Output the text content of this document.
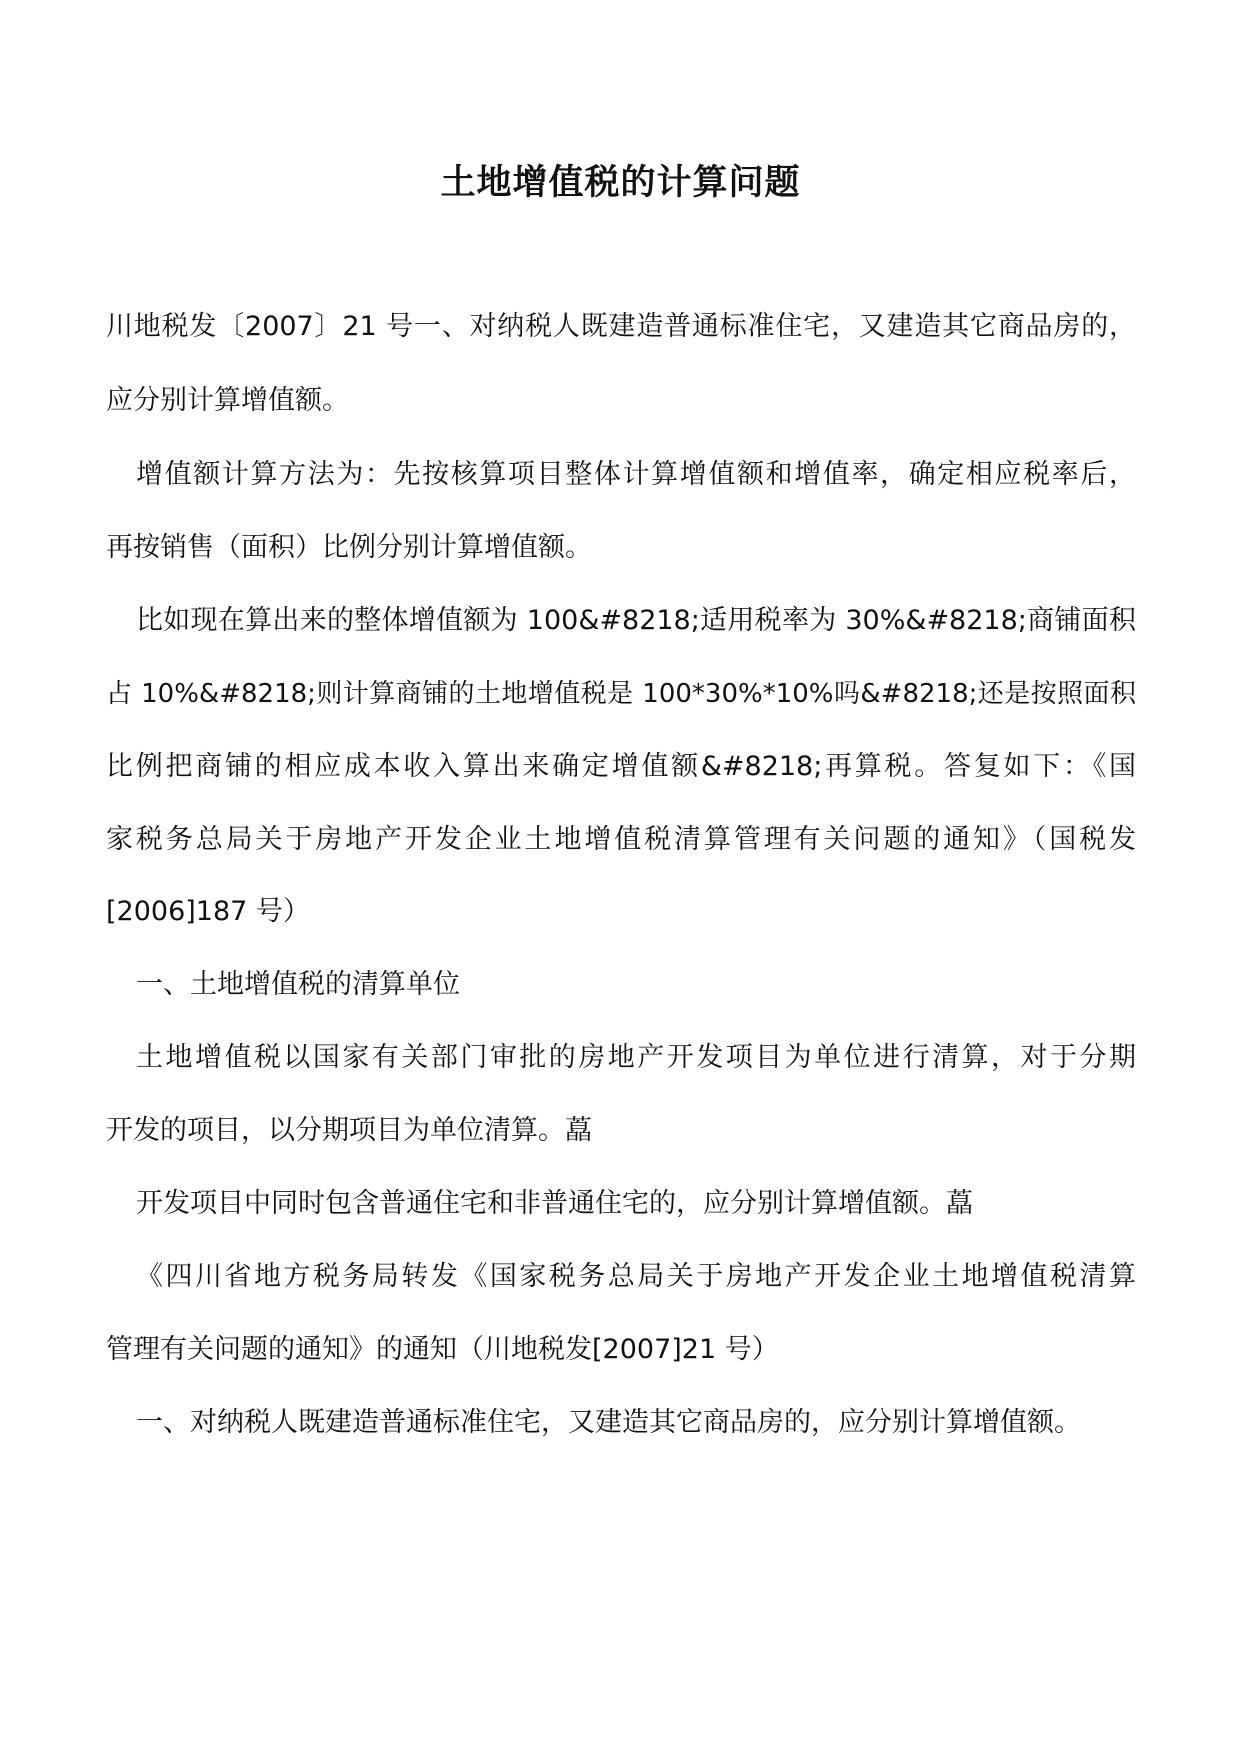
土地增值税的计算问题

川地税发〔2007〕21 号一、对纳税人既建造普通标准住宅，又建造其它商品房的，

应分别计算增值额。

增值额计算方法为：先按核算项目整体计算增值额和增值率，确定相应税率后，

再按销售（面积）比例分别计算增值额。

比如现在算出来的整体增值额为 100&#8218;适用税率为 30%&#8218;商铺面积

占 10%&#8218;则计算商铺的土地增值税是 100*30%*10%吗&#8218;还是按照面积

比例把商铺的相应成本收入算出来确定增值额&#8218;再算税。答复如下：《国

家税务总局关于房地产开发企业土地增值税清算管理有关问题的通知》（国税发

[2006]187 号）

一、土地增值税的清算单位

土地增值税以国家有关部门审批的房地产开发项目为单位进行清算，对于分期

开发的项目，以分期项目为单位清算。藠

开发项目中同时包含普通住宅和非普通住宅的，应分别计算增值额。藠

《四川省地方税务局转发《国家税务总局关于房地产开发企业土地增值税清算

管理有关问题的通知》的通知（川地税发[2007]21 号）

一、对纳税人既建造普通标准住宅，又建造其它商品房的，应分别计算增值额。
